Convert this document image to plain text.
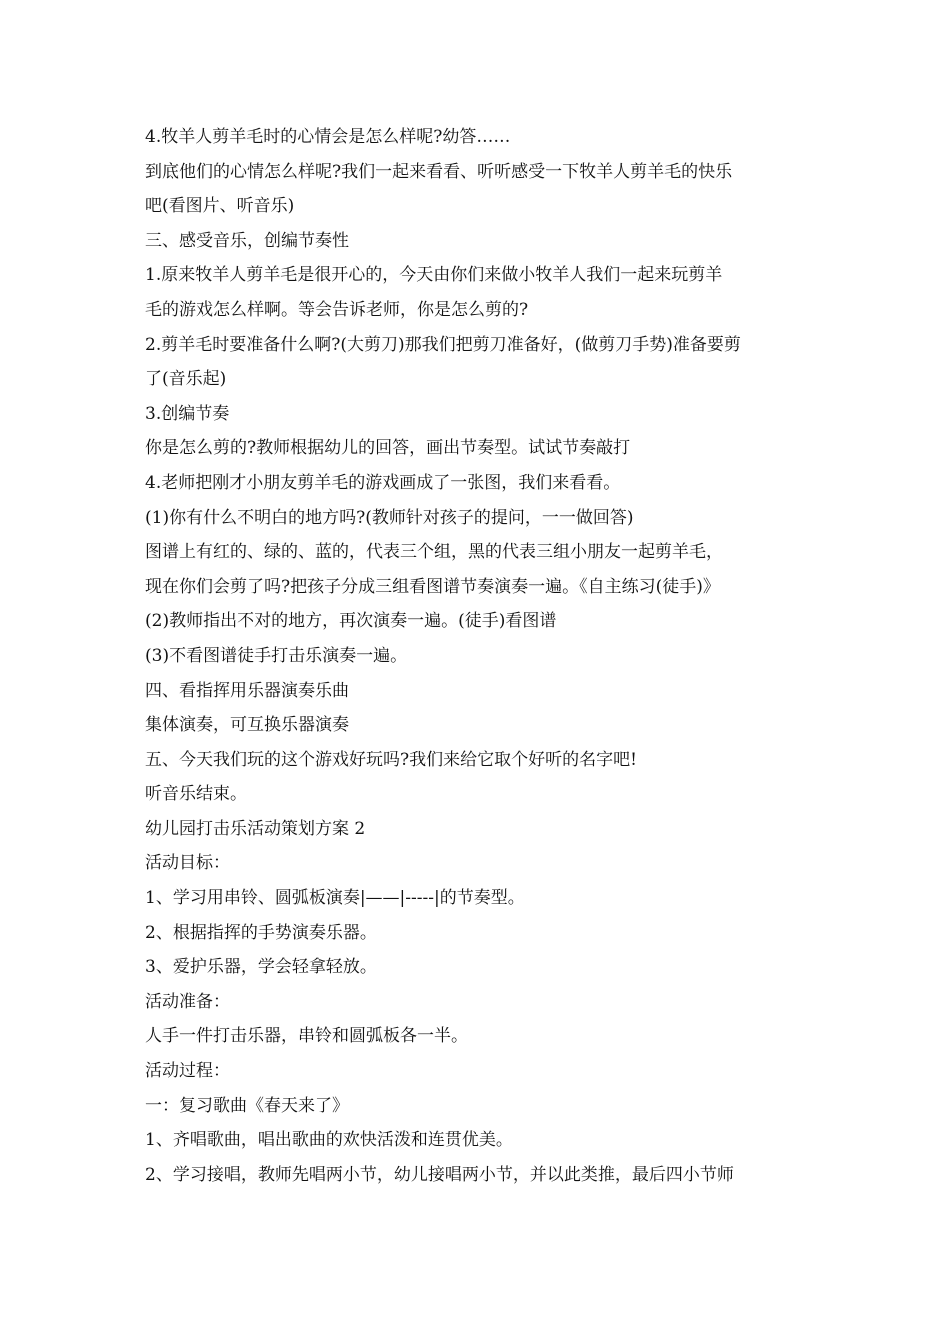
4.牧羊人剪羊毛时的心情会是怎么样呢?幼答……
到底他们的心情怎么样呢?我们一起来看看、听听感受一下牧羊人剪羊毛的快乐
吧(看图片、听音乐)
三、感受音乐，创编节奏性
1.原来牧羊人剪羊毛是很开心的，今天由你们来做小牧羊人我们一起来玩剪羊
毛的游戏怎么样啊。等会告诉老师，你是怎么剪的?
2.剪羊毛时要准备什么啊?(大剪刀)那我们把剪刀准备好，(做剪刀手势)准备要剪
了(音乐起)
3.创编节奏
你是怎么剪的?教师根据幼儿的回答，画出节奏型。试试节奏敲打
4.老师把刚才小朋友剪羊毛的游戏画成了一张图，我们来看看。
(1)你有什么不明白的地方吗?(教师针对孩子的提问，一一做回答)
图谱上有红的、绿的、蓝的，代表三个组，黑的代表三组小朋友一起剪羊毛，
现在你们会剪了吗?把孩子分成三组看图谱节奏演奏一遍。《自主练习(徒手)》
(2)教师指出不对的地方，再次演奏一遍。(徒手)看图谱
(3)不看图谱徒手打击乐演奏一遍。
四、看指挥用乐器演奏乐曲
集体演奏，可互换乐器演奏
五、今天我们玩的这个游戏好玩吗?我们来给它取个好听的名字吧!
听音乐结束。
幼儿园打击乐活动策划方案 2
活动目标：
1、学习用串铃、圆弧板演奏|——|-----|的节奏型。
2、根据指挥的手势演奏乐器。
3、爱护乐器，学会轻拿轻放。
活动准备：
人手一件打击乐器，串铃和圆弧板各一半。
活动过程：
一：复习歌曲《春天来了》
1、齐唱歌曲，唱出歌曲的欢快活泼和连贯优美。
2、学习接唱，教师先唱两小节，幼儿接唱两小节，并以此类推，最后四小节师
